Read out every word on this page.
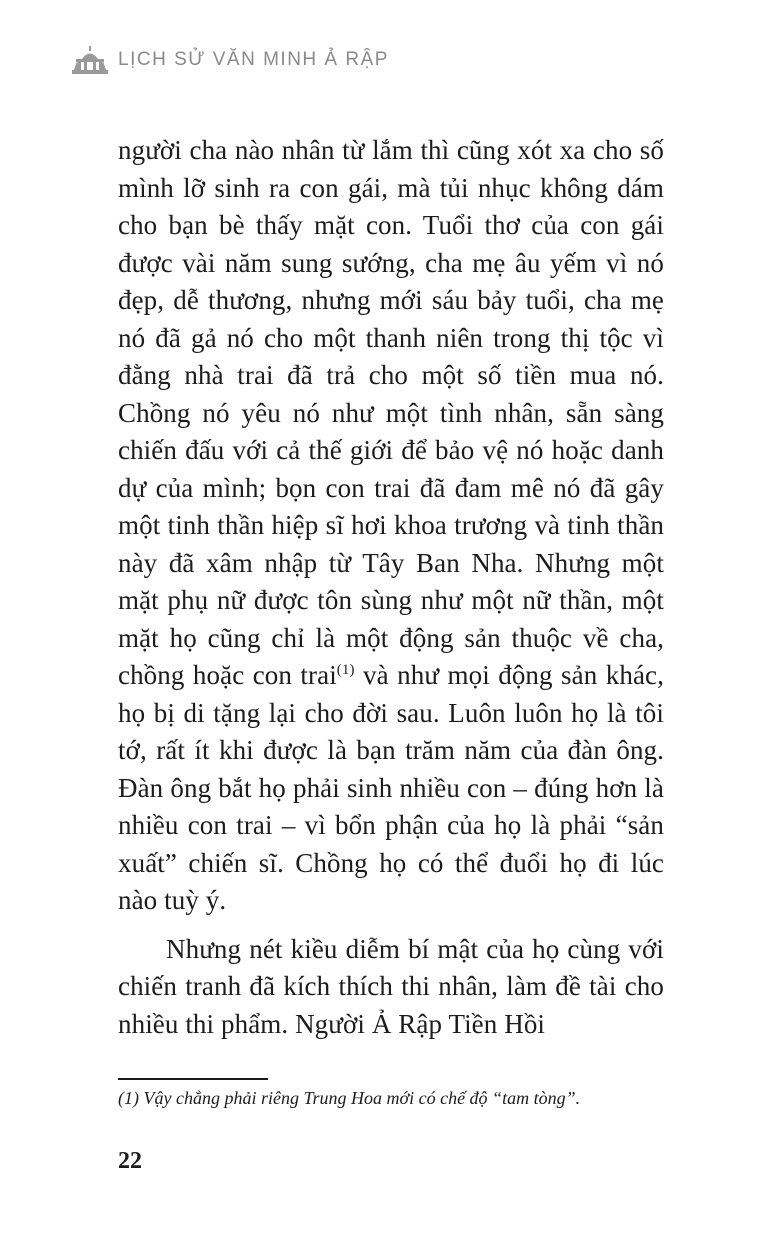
LỊCH SỬ VĂN MINH Ả RẬP

người cha nào nhân từ lắm thì cũng xót xa cho số mình lỡ sinh ra con gái, mà tủi nhục không dám cho bạn bè thấy mặt con. Tuổi thơ của con gái được vài năm sung sướng, cha mẹ âu yếm vì nó đẹp, dễ thương, nhưng mới sáu bảy tuổi, cha mẹ nó đã gả nó cho một thanh niên trong thị tộc vì đằng nhà trai đã trả cho một số tiền mua nó. Chồng nó yêu nó như một tình nhân, sẵn sàng chiến đấu với cả thế giới để bảo vệ nó hoặc danh dự của mình; bọn con trai đã đam mê nó đã gây một tinh thần hiệp sĩ hơi khoa trương và tinh thần này đã xâm nhập từ Tây Ban Nha. Nhưng một mặt phụ nữ được tôn sùng như một nữ thần, một mặt họ cũng chỉ là một động sản thuộc về cha, chồng hoặc con trai$^{(1)}$ và như mọi động sản khác, họ bị di tặng lại cho đời sau. Luôn luôn họ là tôi tớ, rất ít khi được là bạn trăm năm của đàn ông. Đàn ông bắt họ phải sinh nhiều con – đúng hơn là nhiều con trai – vì bổn phận của họ là phải “sản xuất” chiến sĩ. Chồng họ có thể đuổi họ đi lúc nào tuỳ ý.

Nhưng nét kiều diễm bí mật của họ cùng với chiến tranh đã kích thích thi nhân, làm đề tài cho nhiều thi phẩm. Người Ả Rập Tiền Hồi

(1) Vậy chẳng phải riêng Trung Hoa mới có chế độ “tam tòng”.
22
